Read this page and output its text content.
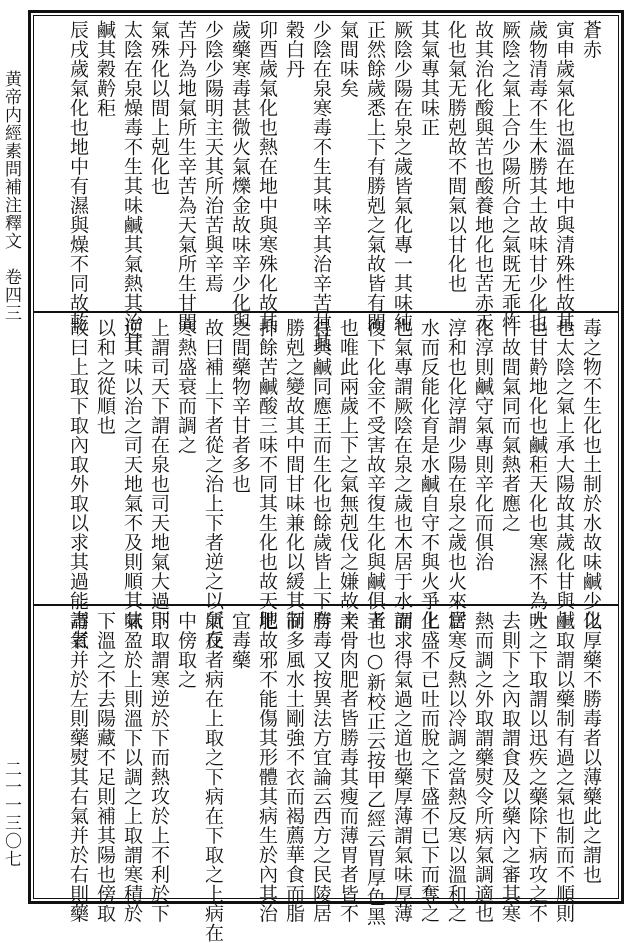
黄帝内經素問補注釋文　卷四三
二一一三〇七
蒼赤
寅申歲氣化也溫在地中與清殊性故其
歲物清毒不生木勝其土故味甘少化也
厥陰之氣上合少陽所合之氣既无乖忤
故其治化酸與苦也酸養地化也苦赤天
化也氣无勝剋故不間氣以甘化也
其氣專其味正
厥陰少陽在泉之歲皆氣化專一其味純
正然餘歲悉上下有勝剋之氣故皆有間
氣間味矣
少陰在泉寒毒不生其味辛其治辛苦甘其
穀白丹
卯酉歲氣化也熱在地中與寒殊化故其
歲藥寒毒甚微火氣爍金故味辛少化與
少陰少陽明主天其所治苦與辛焉
苦丹為地氣所生辛苦為天氣所生甘間
氣殊化以間上剋化也
太陰在泉燥毒不生其味鹹其氣熱其治甘
鹹其穀黅秬
辰戌歲氣化也地中有濕與燥不同故乾
毒之物不生化也土制於水故味鹹少化
也太陰之氣上承大陽故其歲化甘與鹹
也甘黅地化也鹹秬天化也寒濕不為大
忤故間氣同而氣熱者應之
化淳則鹹守氣專則辛化而俱治
淳和也化淳謂少陽在泉之歲也火來居
水而反能化育是水鹹自守不與火爭化
也氣專謂厥陰在泉之歲也木居于水而
復下化金不受害故辛復生化與鹹俱王
也唯此兩歲上下之氣無剋伐之嫌故辛
得與鹹同應王而生化也餘歲皆上下有
勝剋之變故其中間甘味兼化以緩其制
抑餘苦鹹酸三味不同其生化也故天地
之間藥物辛甘者多也
故曰補上下者從之治上下者逆之以所在
寒熱盛衰而調之
上謂司天下謂在泉也司天地氣大過則
逆其味以治之司天地氣不及則順其味
以和之從順也
故曰上取下取內取外取以求其過能毒者
以厚藥不勝毒者以薄藥此之謂也
上取謂以藥制有過之氣也制而不順則
吐之下取謂以迅疾之藥除下病攻之不
去則下之內取謂食及以藥內之審其寒
熱而調之外取謂藥熨令所病氣調適也
當寒反熱以冷調之當熱反寒以溫和之
上盛不已吐而脫之下盛不已下而奪之
謂求得氣過之道也藥厚薄謂氣味厚薄
者也○新校正云按甲乙經云胃厚色黑
大骨肉肥者皆勝毒其瘦而薄胃者皆不
勝毒又按異法方宜論云西方之民陵居
而多風水土剛強不衣而褐薦華食而脂
肥故邪不能傷其形體其病生於內其治
宜毒藥
氣反者病在上取之下病在下取之上病在
中傍取之
下取謂寒逆於下而熱攻於上不利於下
氣盈於上則溫下以調之上取謂寒積於
下溫之不去陽藏不足則補其陽也傍取
謂氣并於左則藥熨其右氣并於右則藥
